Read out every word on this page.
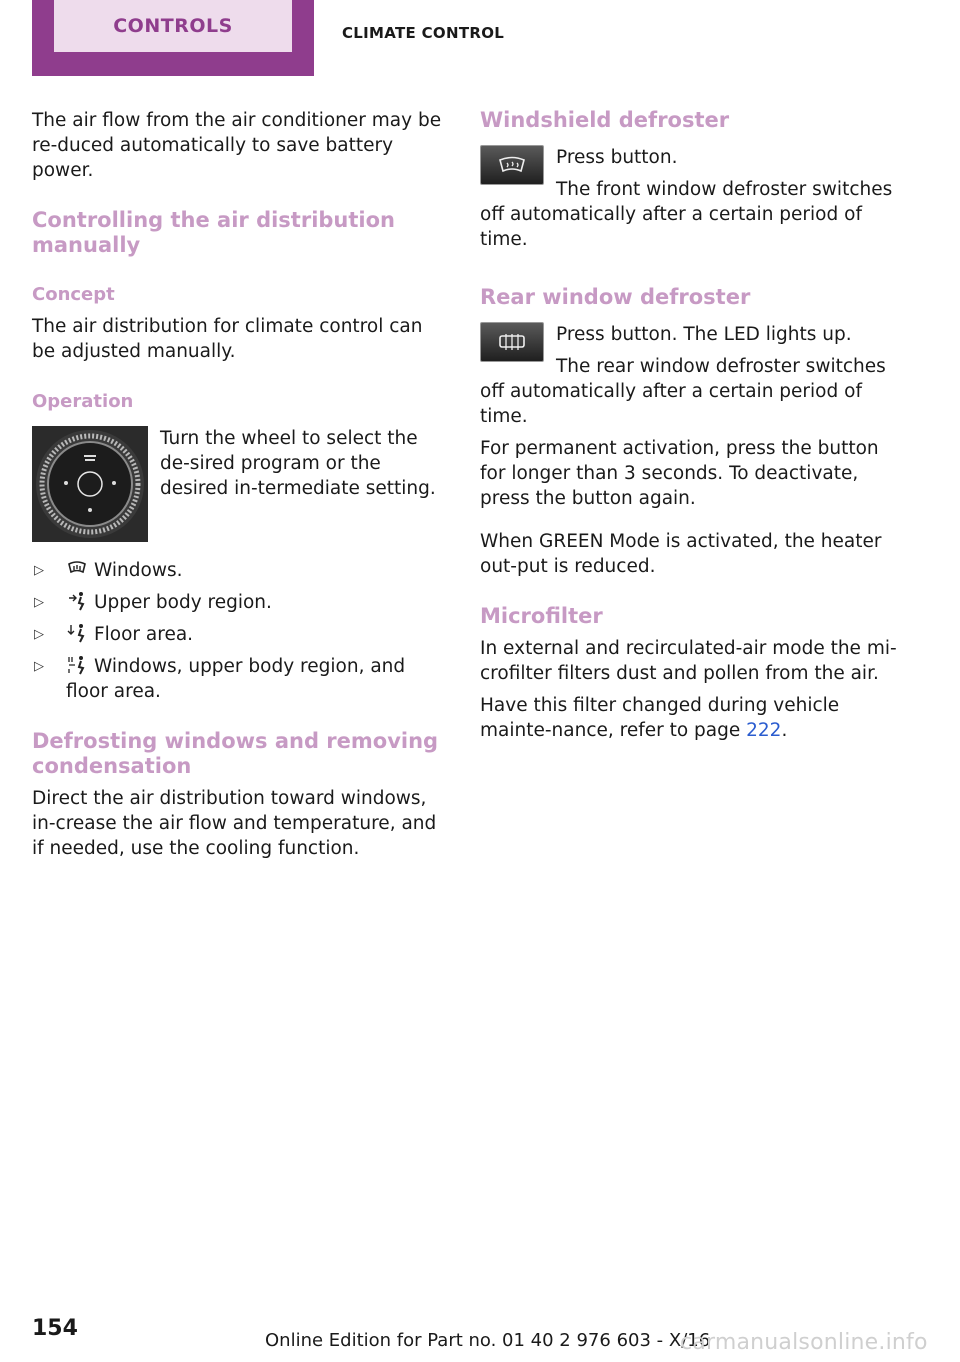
CONTROLS	CLIMATE CONTROL

The air flow from the air conditioner may be re-duced automatically to save battery power.

Controlling the air distribution manually
Concept

The air distribution for climate control can be adjusted manually.

Operation

Turn the wheel to select the de-sired program or the desired in-termediate setting.

▷	Windows.
▷	Upper body region.
▷	Floor area.
▷	Windows, upper body region, and floor area.
Defrosting windows and removing condensation

Direct the air distribution toward windows, in-crease the air flow and temperature, and if needed, use the cooling function.

Windshield defroster

Press button.

The front window defroster switches off automatically after a certain period of time.

Rear window defroster

Press button. The LED lights up.

The rear window defroster switches off automatically after a certain period of time.

For permanent activation, press the button for longer than 3 seconds. To deactivate, press the button again.

When GREEN Mode is activated, the heater out-put is reduced.

Microfilter

In external and recirculated-air mode the mi-crofilter filters dust and pollen from the air.

Have this filter changed during vehicle mainte-nance, refer to page 222.

154	Online Edition for Part no. 01 40 2 976 603 - X/16
carmanualsonline.info
